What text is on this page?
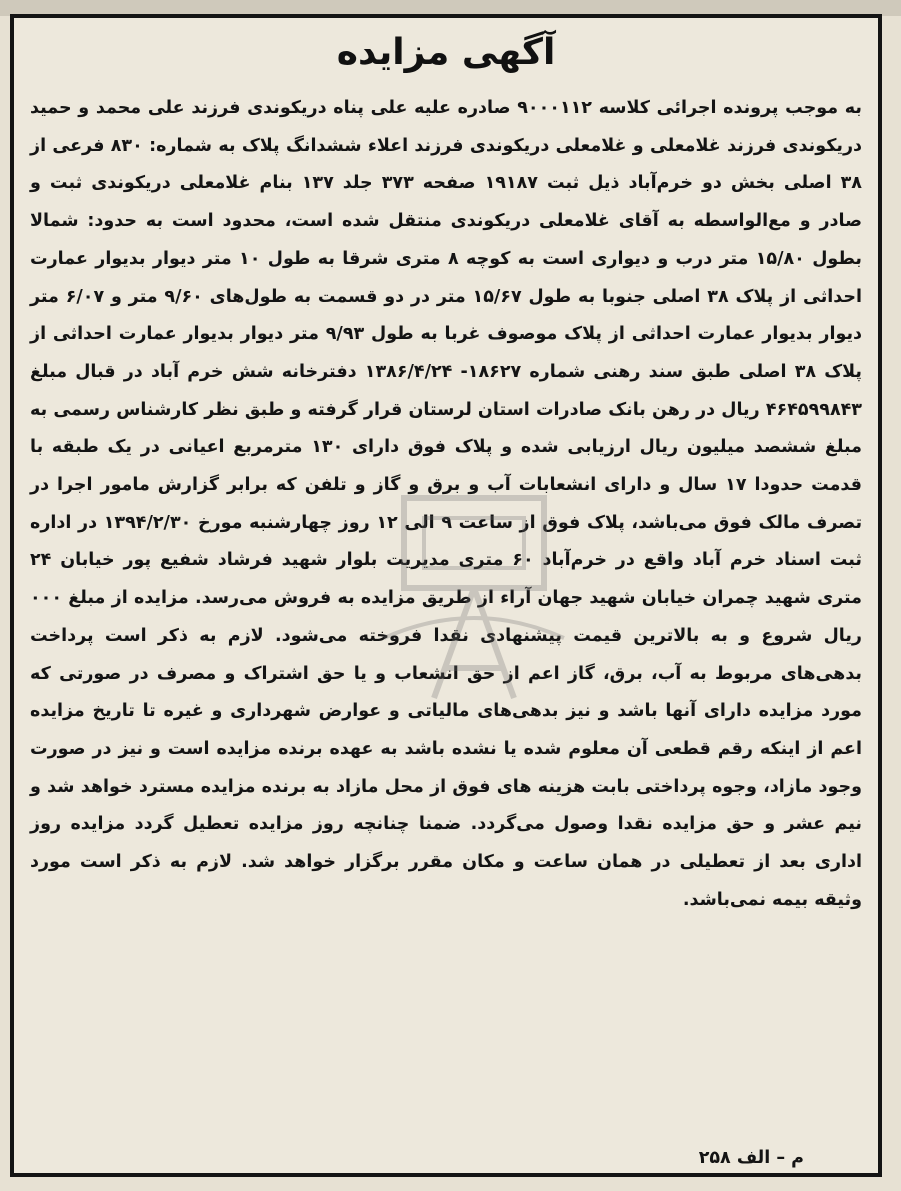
آگهی مزایده

به موجب پرونده اجرائی کلاسه ۹۰۰۰۱۱۲ صادره علیه علی پناه دریکوندی فرزند علی محمد و حمید دریکوندی فرزند غلامعلی و غلامعلی دریکوندی فرزند اعلاء ششدانگ پلاک به شماره: ۸۳۰ فرعی از ۳۸ اصلی بخش دو خرم‌آباد ذیل ثبت ۱۹۱۸۷ صفحه ۳۷۳ جلد ۱۳۷ بنام غلامعلی دریکوندی ثبت و صادر و مع‌الواسطه به آقای غلامعلی دریکوندی منتقل شده است، محدود است به حدود: شمالا بطول ۱۵/۸۰ متر درب و دیواری است به کوچه ۸ متری شرقا به طول ۱۰ متر دیوار بدیوار عمارت احداثی از پلاک ۳۸ اصلی جنوبا به طول ۱۵/۶۷ متر در دو قسمت به طول‌های ۹/۶۰ متر و ۶/۰۷ متر دیوار بدیوار عمارت احداثی از پلاک موصوف غربا به طول ۹/۹۳ متر دیوار بدیوار عمارت احداثی از پلاک ۳۸ اصلی طبق سند رهنی شماره ۱۸۶۲۷- ۱۳۸۶/۴/۲۴ دفترخانه شش خرم آباد در قبال مبلغ ۴۶۴۵۹۹۸۴۳ ریال در رهن بانک صادرات استان لرستان قرار گرفته و طبق نظر کارشناس رسمی به مبلغ ششصد میلیون ریال ارزیابی شده و پلاک فوق دارای ۱۳۰ مترمربع اعیانی در یک طبقه با قدمت حدودا ۱۷ سال و دارای انشعابات آب و برق و گاز و تلفن که برابر گزارش مامور اجرا در تصرف مالک فوق می‌باشد، پلاک فوق از ساعت ۹ الی ۱۲ روز چهارشنبه مورخ ۱۳۹۴/۲/۳۰ در اداره ثبت اسناد خرم آباد واقع در خرم‌آباد ۶۰ متری مدیریت بلوار شهید فرشاد شفیع پور خیابان ۲۴ متری شهید چمران خیابان شهید جهان آراء از طریق مزایده به فروش می‌رسد. مزایده از مبلغ ۰۰۰ ریال شروع و به بالاترین قیمت پیشنهادی نقدا فروخته می‌شود. لازم به ذکر است پرداخت بدهی‌های مربوط به آب، برق، گاز اعم از حق انشعاب و یا حق اشتراک و مصرف در صورتی که مورد مزایده دارای آنها باشد و نیز بدهی‌های مالیاتی و عوارض شهرداری و غیره تا تاریخ مزایده اعم از اینکه رقم قطعی آن معلوم شده یا نشده باشد به عهده برنده مزایده است و نیز در صورت وجود مازاد، وجوه پرداختی بابت هزینه های فوق از محل مازاد به برنده مزایده مسترد خواهد شد و نیم عشر و حق مزایده نقدا وصول می‌گردد. ضمنا چنانچه روز مزایده تعطیل گردد مزایده روز اداری بعد از تعطیلی در همان ساعت و مکان مقرر برگزار خواهد شد. لازم به ذکر است مورد وثیقه بیمه نمی‌باشد.

م – الف ۲۵۸
